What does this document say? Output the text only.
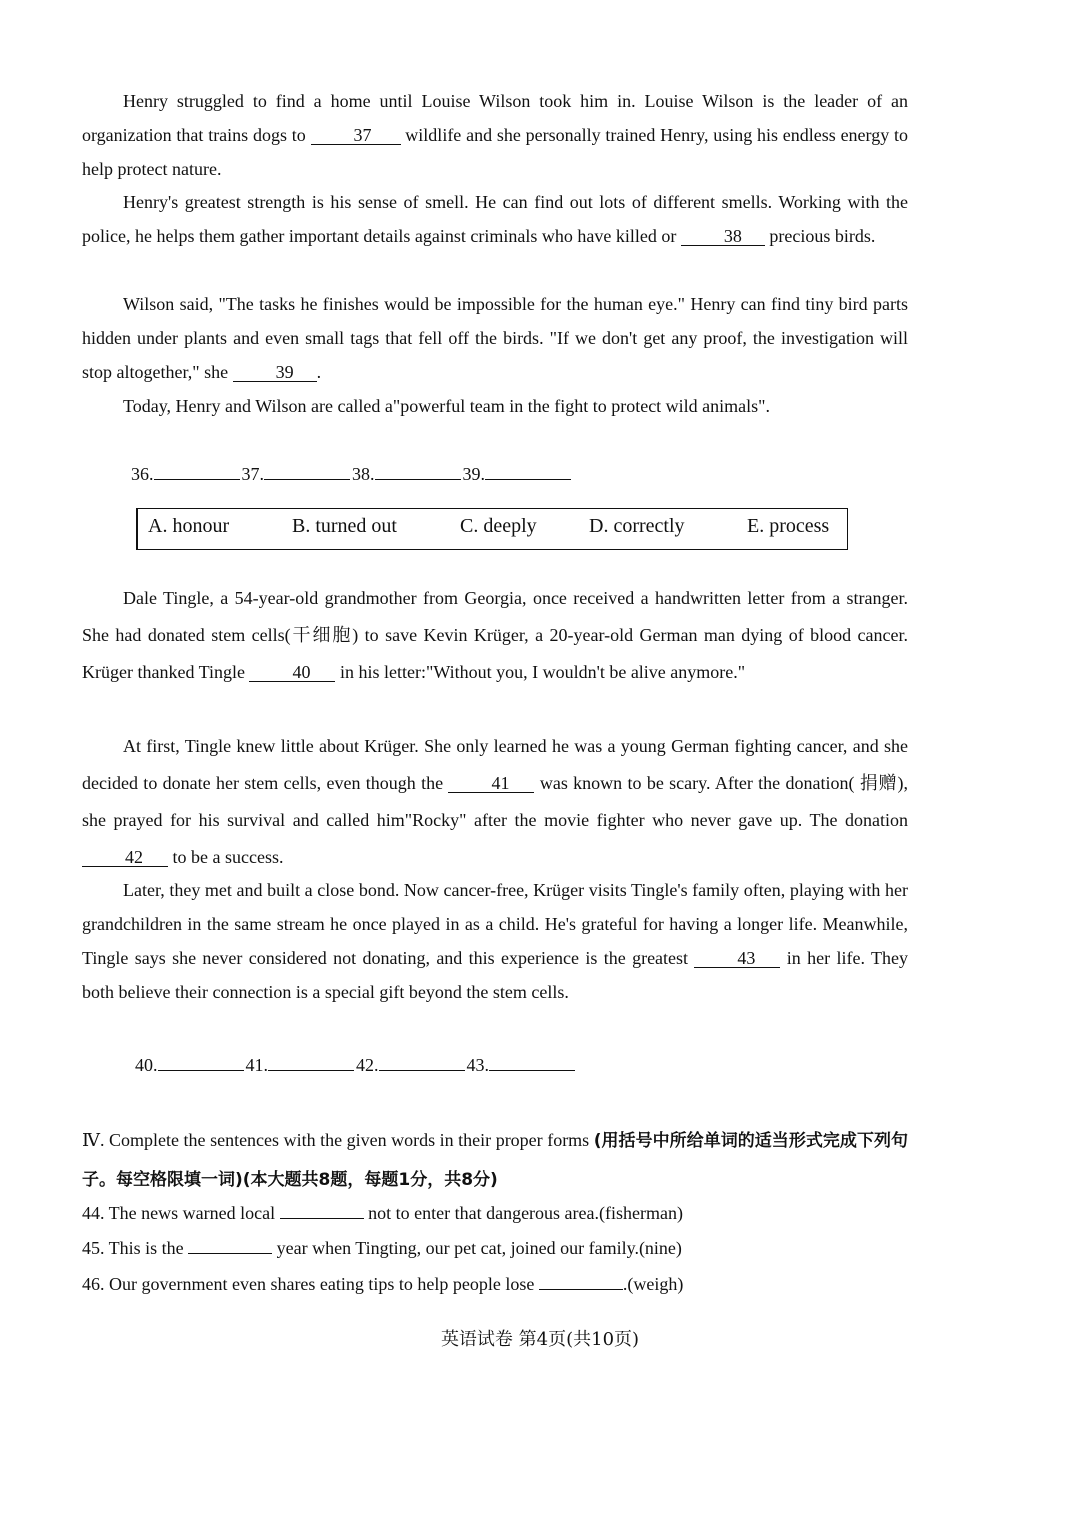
Henry struggled to find a home until Louise Wilson took him in. Louise Wilson is the leader of an organization that trains dogs to 37 wildlife and she personally trained Henry, using his endless energy to help protect nature.

Henry's greatest strength is his sense of smell. He can find out lots of different smells. Working with the police, he helps them gather important details against criminals who have killed or 38 precious birds.

Wilson said, "The tasks he finishes would be impossible for the human eye." Henry can find tiny bird parts hidden under plants and even small tags that fell off the birds. "If we don't get any proof, the investigation will stop altogether," she 39 .

Today, Henry and Wilson are called a"powerful team in the fight to protect wild animals".

36.	37.	38.	39.
A. honour	B. turned out	C. deeply	D. correctly	E. process

Dale Tingle, a 54-year-old grandmother from Georgia, once received a handwritten letter from a stranger. She had donated stem cells(干细胞) to save Kevin Krüger, a 20-year-old German man dying of blood cancer. Krüger thanked Tingle 40 in his letter:"Without you, I wouldn't be alive anymore."

At first, Tingle knew little about Krüger. She only learned he was a young German fighting cancer, and she decided to donate her stem cells, even though the 41 was known to be scary. After the donation( 捐赠), she prayed for his survival and called him"Rocky" after the movie fighter who never gave up. The donation 42 to be a success.

Later, they met and built a close bond. Now cancer-free, Krüger visits Tingle's family often, playing with her grandchildren in the same stream he once played in as a child. He's grateful for having a longer life. Meanwhile, Tingle says she never considered not donating, and this experience is the greatest 43 in her life. They both believe their connection is a special gift beyond the stem cells.

40.	41.	42.	43.

Ⅳ. Complete the sentences with the given words in their proper forms (用括号中所给单词的适当形式完成下列句子。每空格限填一词)(本大题共8题，每题1分，共8分)

44. The news warned local	not to enter that dangerous area.(fisherman)
45. This is the	year when Tingting, our pet cat, joined our family.(nine)
46. Our government even shares eating tips to help people lose	.(weigh)
英语试卷 第4页(共10页)
